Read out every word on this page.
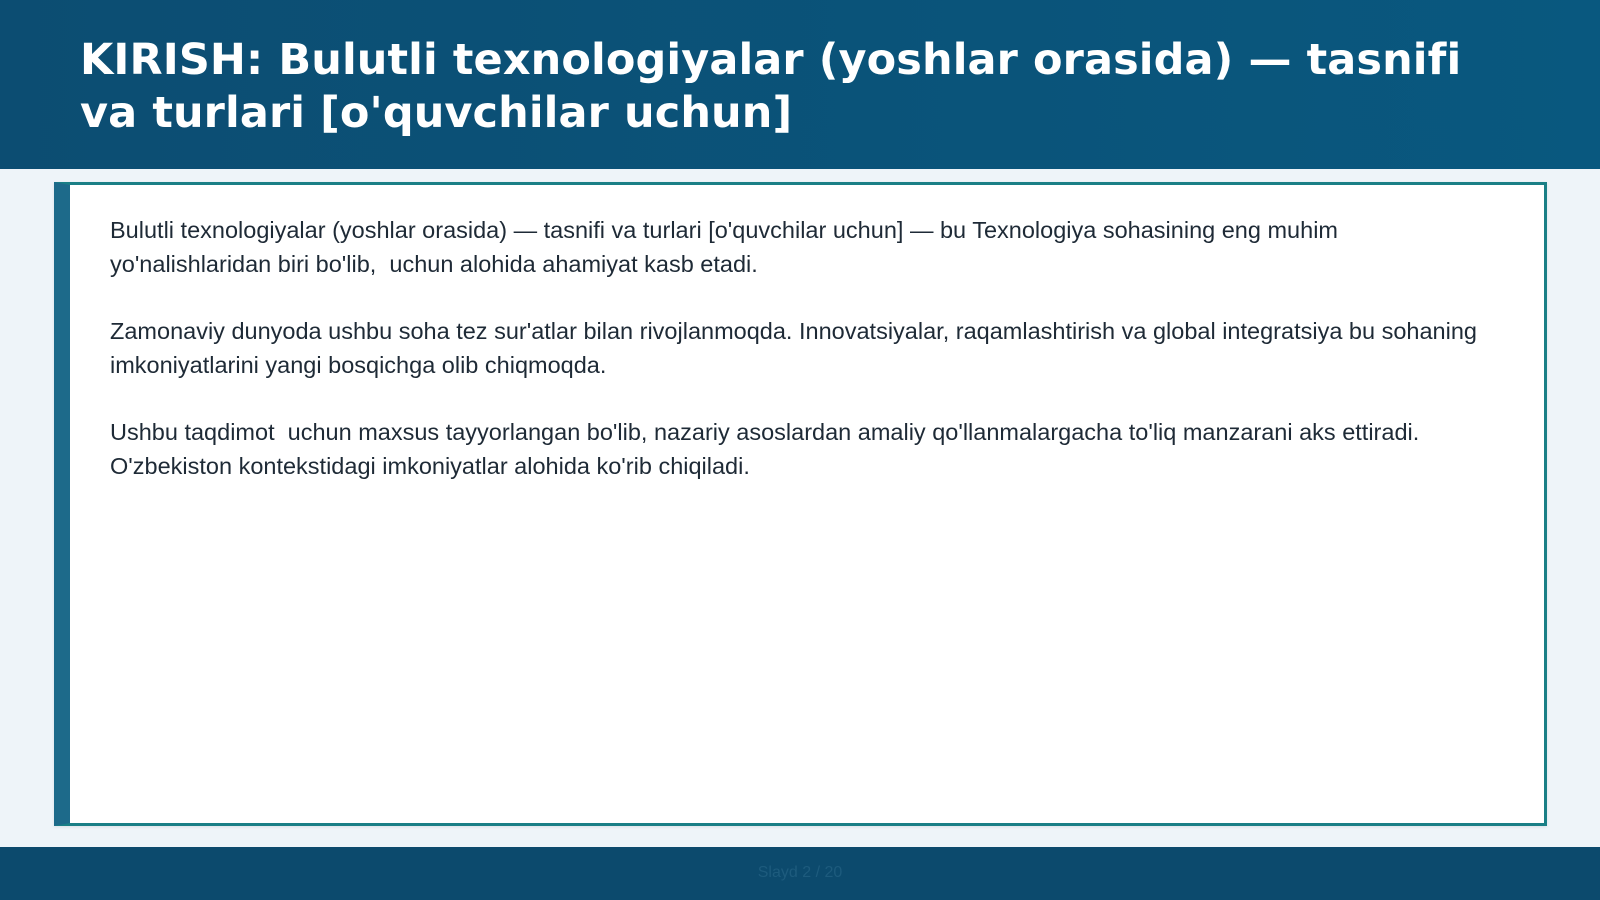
KIRISH: Bulutli texnologiyalar (yoshlar orasida) — tasnifi va turlari [o'quvchilar uchun]

Bulutli texnologiyalar (yoshlar orasida) — tasnifi va turlari [o'quvchilar uchun] — bu Texnologiya sohasining eng muhim yo'nalishlaridan biri bo'lib,  uchun alohida ahamiyat kasb etadi.

Zamonaviy dunyoda ushbu soha tez sur'atlar bilan rivojlanmoqda. Innovatsiyalar, raqamlashtirish va global integratsiya bu sohaning imkoniyatlarini yangi bosqichga olib chiqmoqda.

Ushbu taqdimot  uchun maxsus tayyorlangan bo'lib, nazariy asoslardan amaliy qo'llanmalargacha to'liq manzarani aks ettiradi. O'zbekiston kontekstidagi imkoniyatlar alohida ko'rib chiqiladi.

Slayd 2 / 20
